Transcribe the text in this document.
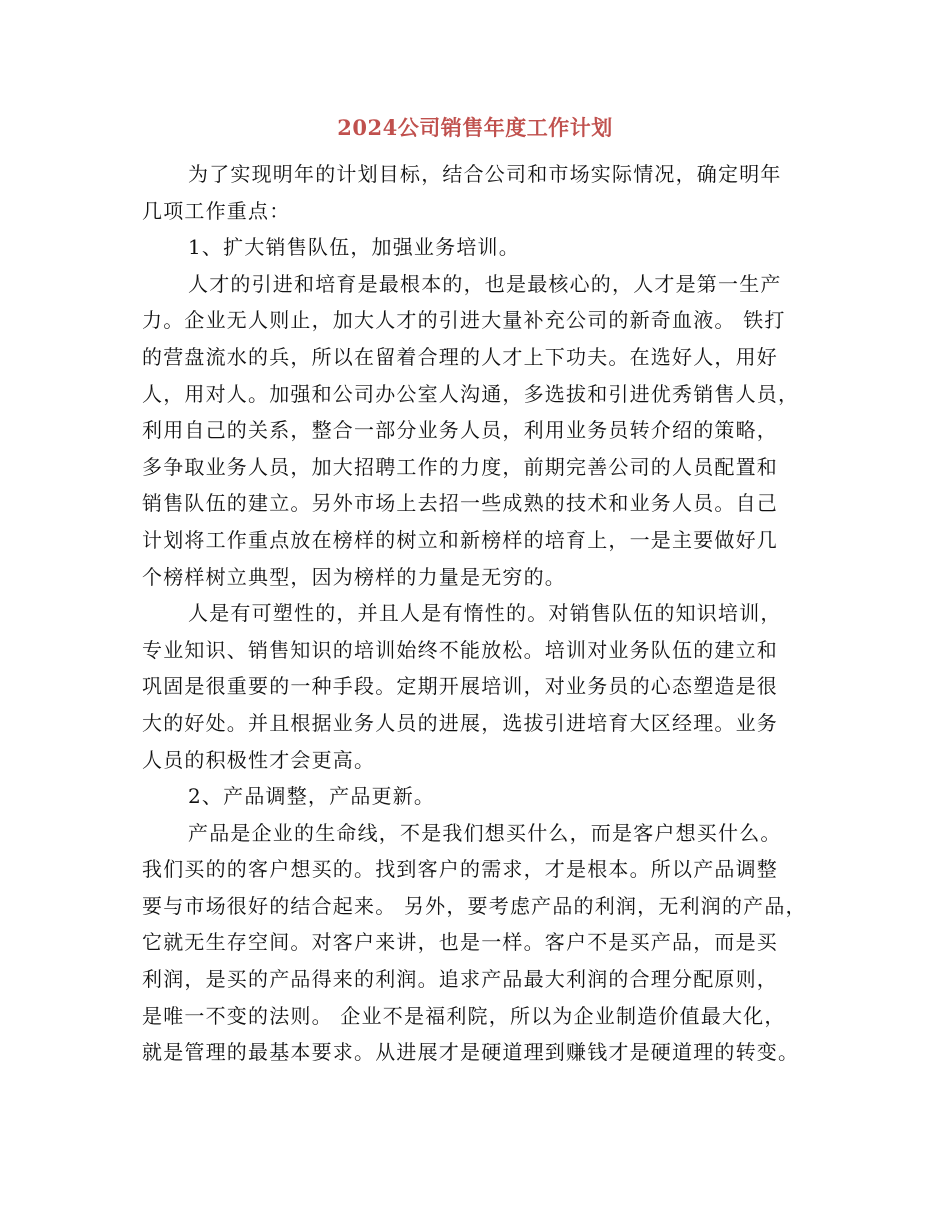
2024公司销售年度工作计划
为了实现明年的计划目标，结合公司和市场实际情况，确定明年
几项工作重点：
1、扩大销售队伍，加强业务培训。
人才的引进和培育是最根本的，也是最核心的，人才是第一生产
力。企业无人则止，加大人才的引进大量补充公司的新奇血液。 铁打
的营盘流水的兵，所以在留着合理的人才上下功夫。在选好人，用好
人，用对人。加强和公司办公室人沟通，多选拔和引进优秀销售人员，
利用自己的关系，整合一部分业务人员，利用业务员转介绍的策略，
多争取业务人员，加大招聘工作的力度，前期完善公司的人员配置和
销售队伍的建立。另外市场上去招一些成熟的技术和业务人员。自己
计划将工作重点放在榜样的树立和新榜样的培育上，一是主要做好几
个榜样树立典型，因为榜样的力量是无穷的。
人是有可塑性的，并且人是有惰性的。对销售队伍的知识培训，
专业知识、销售知识的培训始终不能放松。培训对业务队伍的建立和
巩固是很重要的一种手段。定期开展培训，对业务员的心态塑造是很
大的好处。并且根据业务人员的进展，选拔引进培育大区经理。业务
人员的积极性才会更高。
2、产品调整，产品更新。
产品是企业的生命线，不是我们想买什么，而是客户想买什么。
我们买的的客户想买的。找到客户的需求，才是根本。所以产品调整
要与市场很好的结合起来。 另外，要考虑产品的利润，无利润的产品，
它就无生存空间。对客户来讲，也是一样。客户不是买产品，而是买
利润，是买的产品得来的利润。追求产品最大利润的合理分配原则，
是唯一不变的法则。 企业不是福利院，所以为企业制造价值最大化，
就是管理的最基本要求。从进展才是硬道理到赚钱才是硬道理的转变。
